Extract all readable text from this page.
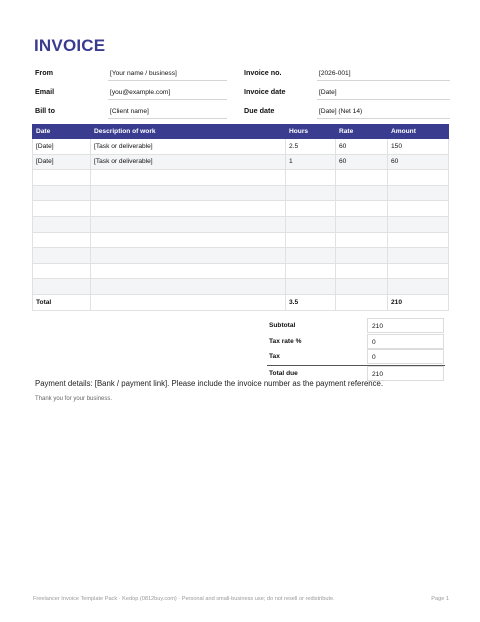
INVOICE
From	[Your name / business]	Invoice no.	[2026-001]
Email	[you@example.com]	Invoice date	[Date]
Bill to	[Client name]	Due date	[Date] (Net 14)
Date	Description of work	Hours	Rate	Amount
[Date]	[Task or deliverable]	2.5	60	150
[Date]	[Task or deliverable]	1	60	60

Total		3.5		210
Subtotal	210
Tax rate %	0
Tax	0
Total due	210
Payment details: [Bank / payment link]. Please include the invoice number as the payment reference.
Thank you for your business.
Freelancer Invoice Template Pack · Kedop (0812buy.com) · Personal and small-business use; do not resell or redistribute.	Page 1
